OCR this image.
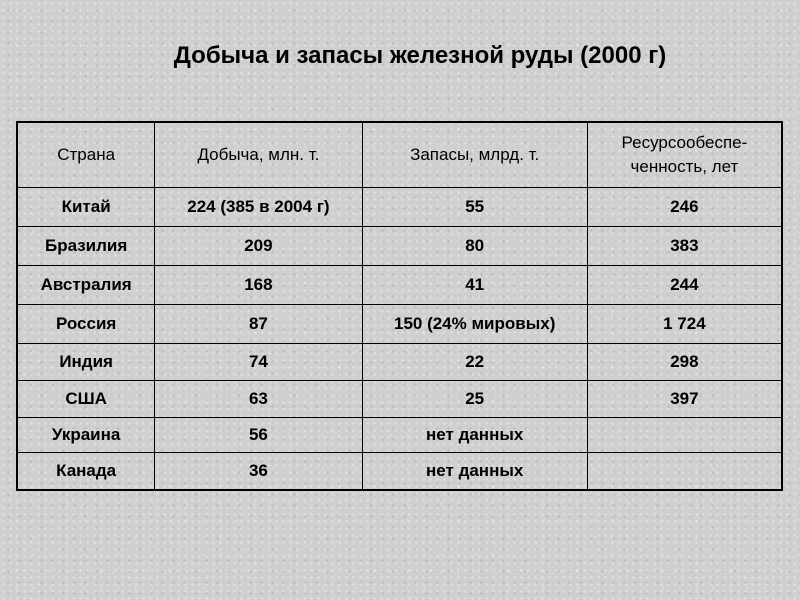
Добыча и запасы железной руды (2000 г)
Страна	Добыча, млн. т.	Запасы, млрд. т.	Ресурсообеспе-ченность, лет
Китай	224 (385 в 2004 г)	55	246
Бразилия	209	80	383
Австралия	168	41	244
Россия	87	150 (24% мировых)	1 724
Индия	74	22	298
США	63	25	397
Украина	56	нет данных	
Канада	36	нет данных	
